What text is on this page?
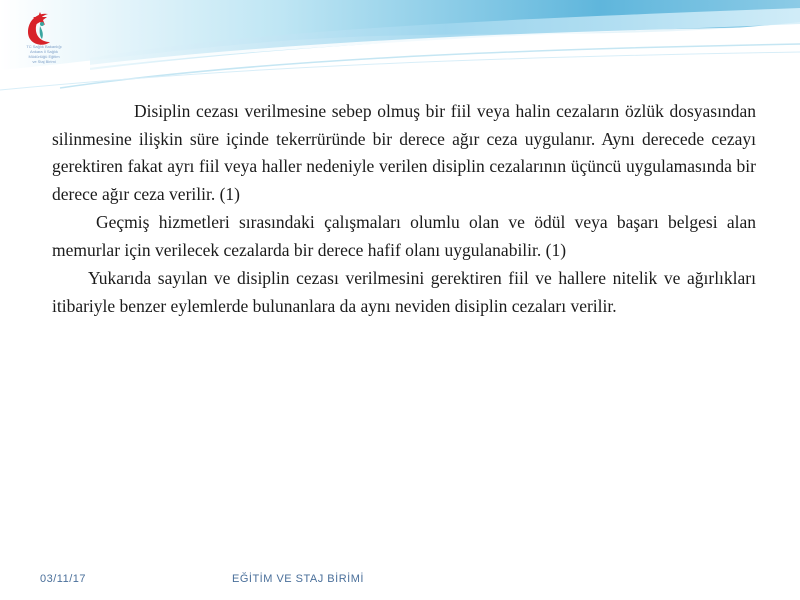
TC Sağlık Bakanlığı
Ankara İl Sağlık
Müdürlüğü Eğitim
ve Staj Birimi

Disiplin cezası verilmesine sebep olmuş bir fiil veya halin cezaların özlük dosyasından silinmesine ilişkin süre içinde tekerrüründe bir derece ağır ceza uygulanır. Aynı derecede cezayı gerektiren fakat ayrı fiil veya haller nedeniyle verilen disiplin cezalarının üçüncü uygulamasında bir derece ağır ceza verilir. (1)

Geçmiş hizmetleri sırasındaki çalışmaları olumlu olan ve ödül veya başarı belgesi alan memurlar için verilecek cezalarda bir derece hafif olanı uygulanabilir. (1)

Yukarıda sayılan ve disiplin cezası verilmesini gerektiren fiil ve hallere nitelik ve ağırlıkları itibariyle benzer eylemlerde bulunanlara da aynı neviden disiplin cezaları verilir.

03/11/17	EĞİTİM VE STAJ BİRİMİ
